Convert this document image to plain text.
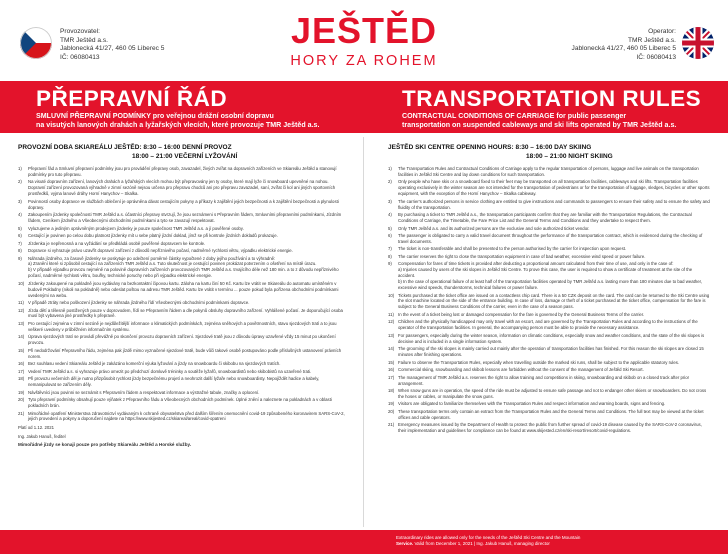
Provozovatel:
TMR Ještěd a.s.
Jablonecká 41/27, 460 05 Liberec 5
IČ: 06080413
JEŠTĚD
HORY ZA ROHEM
Operator:
TMR Ještěd a.s.
Jablonecká 41/27, 460 05 Liberec 5
IČ: 06080413
PŘEPRAVNÍ ŘÁD
SMLUVNÍ PŘEPRAVNÍ PODMÍNKY pro veřejnou drážní osobní dopravu
na visutých lanových drahách a lyžařských vlecích, které provozuje TMR Ještěd a.s.
TRANSPORTATION RULES
CONTRACTUAL CONDITIONS OF CARRIAGE for public passenger
transportation on suspended cableways and ski lifts operated by TMR Ještěd a.s.
PROVOZNÍ DOBA SKIAREÁLU JEŠTĚD: 8:30 – 16:00 DENNÍ PROVOZ
18:00 – 21:00 VEČERNÍ LYŽOVÁNÍ
1)	Přepravní řád a Smluvní přepravní podmínky jsou pro provádění přepravy osob, zavazadel, živých zvířat na dopravních zařízeních ve Skiareálu Ještěd a stanovují podmínky pro tuto přepravu.
2)	Na visuté dopravním zařízení, lanových drahách a lyžařských vlecích mohou být přepravovány jen ty osoby, které mají lyže či snowboard upevněné na nohou. Dopravní zařízení provozovaná výhradně v zimní sezóně nejsou určena pro přepravu chodců ani pro přepravu zavazadel, saní, zvířat či kol ani jiných sportovních prostředků, vyjma lanové dráhy Horní Hanychov – Skalka.
3)	Povinností osoby dopravce ve službách oblečení je oprávněna dávat cestujícím pokyny a příkazy k zajištění jejich bezpečnosti a k zajištění bezpečnosti a plynulosti dopravy.
4)	Zakoupením jízdenky společnosti TMR Ještěd a.s. účastníci přepravy stvrzují, že jsou seznámeni s Přepravním řádem, Smluvními přepravními podmínkami, Jízdním řádem, Ceníkem jízdného a Všeobecnými obchodními podmínkami a tyto se zavazují respektovat.
5)	Vyluzujeme a jediným oprávněným prodejcem jízdenky je pouze společnost TMR Ještěd a.s. a jí pověřené osoby.
6)	Cestující je povinen po celou dobu platnost jízdenky mít u sebe platný jízdní doklad, jímž se při kontrole jízdních dokladů prokazuje.
7)	Jízdenka je nepřenosná a na vyžádání se předkládá osobě pověřené dopravcem ke kontrole.
8)	Dopravce si vyhrazuje právo uzavřít dopravní zařízení z důvodů nepříznivého počasí, nadměrné rychlosti větru, výpadku elektrické energie.
9)	Náhrada jízdného, za časově jízdenky se poskytuje po odečtení poměrné částky vypočtené z doby jejího používání a to výhradně:
a) Zranění které si způsobil cestující na zařízeních TMR Ještěd a.s. Tuto skutečnost je cestující povinen prokázat potvrzením o ošetření na místě úrazu.
b) V případě výpadku provozu nejméně na polovině dopravních zařízeních provozovaných TMR Ještěd a.s. trvajícího déle než 180 min. a to z důvodu nepříznivého počasí, nadměrné rychlosti větru, bouřky, technické poruchy nebo při výpadku elektrické energie.
10) Jízdenky zakoupené na pokladně jsou vydávány na bezkontaktní čipovou kartu. Záloha na kartu činí 50 Kč. Kartu lze vrátit ve Skiareálu do automatu umístěném v budově Pokladny (nikoli na pokladně) nebo odeslat poštou na adresu TMR Ještěd. Kartu lze vrátit v termínu ... pouze pokud byla pořízena obchodními podmínkami uvedenými na webu.
11) V případě ztráty nebo poškození jízdenky se náhrada jízdného řídí Všeobecnými obchodními podmínkami dopravce.
12) Jízda dětí a tělesně postižených pouze v doprovodem, řídí se Přepravním řádem a dle pokynů obsluhy dopravního zařízení. Vyhlášené počasí. Je doporučující osoba musí být vybavena jiné prostředky k přepravě.
13) Pro cestující zejména v zimní sezóně je nejdůležitější informace o klimatických podmínkách, zejména sněhových a povětrnostních, stavu sjezdových tratí a to jsou veškeré uvedeny v průběžném informačním systému.
14) Úprava sjezdových tratí se provádí převážně po skončení provozu dopravních zařízení. Sjezdové tratě jsou z důvodu úpravy uzavřené vždy 15 minut po ukončení provozu.
15) Při nedodržování Přepravního řádu, zejména pak jízdě mimo vyznačené sjezdové tratě, bude vůči takové osobě postupováno podle příslušných ustanovení právních norem.
16) Bez souhlasu vedení Skiareálu Ještěd je zakázáno komerční výuka lyžování a jízdy na snowboardu či skibobu na sjezdových tratích.
17) Vedení TMR Ještěd a.s. si vyhrazuje právo omezit po předchozí domluvě tréninky a soutěže lyžařů, snowboardistů nebo skibobistů na uzavřené trati.
18) Při provozu večerních děl je nutno přizpůsobit rychlost jízdy bezpečnému projetí a neohrozit další lyžaře nebo snowboardisty. Nepojíždět hadice a kabely, nemanipulovat se zařízením děly.
19) Návštěvníci jsou povinni se seznámit s Přepravním řádem a respektovat informace a výstražné tabule, značky a oplocení.
20) Tyto přepravní podmínky obsahují pouze výňatek z Přepravního řádu a Všeobecných obchodních podmínek. Úplné znění a naleznete na pokladnách a v oblasti pokladních brán.
21) Mimořádné opatření Ministerstva zdravotnictví vydávaným k ochraně obyvatelstva před dalším šířením onemocnění covid-19 způsobeného koronavirem SARS-CoV-2, jejich provedení a pokyny a doporučení najdete na https://www.skijested.cz/skiareal/areal/covid-opatreni
Platí od 1.12. 2021
Ing. Jakub Hanuš, ředitel
Mimořádné jízdy se konají pouze pro potřeby Skiareálu Ještěd a Horské služby.
JEŠTĚD SKI CENTRE OPENING HOURS: 8:30 – 16:00 DAY SKIING
18:00 – 21:00 NIGHT SKIING
1)	The Transportation Rules and Contractual Conditions of Carriage apply to the regular transportation of persons, luggage and live animals on the transportation facilities in Ještěd Ski Centre and lay down conditions for such transportation.
2)	Only people who have skis or a snowboard fixed to their feet may be transported on all transportation facilities, cableways and ski lifts. Transportation facilities operating exclusively in the winter season are not intended for the transportation of pedestrians or for the transportation of luggage, sledges, bicycles or other sports equipment, with the exception of the Horní Hanychov – Skalka cableway.
3)	The carrier's authorized persons in service clothing are entitled to give instructions and commands to passengers to ensure their safety and to ensure the safety and fluidity of the transportation.
4)	By purchasing a ticket to TMR Ještěd a.s., the transportation participants confirm that they are familiar with the Transportation Regulations, the Contractual Conditions of Carriage, the Timetable, the Fare Price List and the General Terms and Conditions and they undertake to respect them.
5)	Only TMR Ještěd a.s. and its authorized persons are the exclusive and sole authorized ticket vendor.
6)	The passenger is obligated to carry a valid travel document throughout the performance of the transportation contract, which is evidenced during the checking of travel documents.
7)	The ticket is non-transferable and shall be presented to the person authorised by the carrier for inspection upon request.
8)	The carrier reserves the right to close the transportation equipment in case of bad weather, excessive wind speed or power failure.
9)	Compensation for fares of time tickets is provided after deducting a proportional amount calculated from their time of use, and only in the case of:
a) Injuries caused by users of the ski slopes in Ještěd Ski Centre. To prove this case, the user is required to show a certificate of treatment at the site of the accident.
b) In the case of operational failure of at least half of the transportation facilities operated by TMR Ještěd a.s. lasting more than 180 minutes due to bad weather, excessive wind speeds, thunderstorms, technical failures or power failure.
10) Tickets purchased at the ticket office are issued on a contactless chip card. There is a 50 CZK deposit on the card. The card can be returned to the Ski Centre using the slot machine located on the side of the entrance building. In case of loss, damage or theft of a ticket purchased at the ticket office, compensation for the fare is subject to the General Business Conditions of the carrier, even in the case of a season pass.
11) In the event of a ticket being lost or damaged compensation for the fare is governed by the General Business Terms of the carrier.
12) Children and the physically handicapped may only travel with an escort, and are governed by the Transportation Rules and according to the instructions of the operator of the transportation facilities. In general, the accompanying person must be able to provide the necessary assistance.
13) For passengers, especially during the winter season, information on climatic conditions, especially snow and weather conditions, and the state of the ski slopes is decisive and is included in a single information system.
14) The grooming of the ski slopes is mainly carried out mainly after the operation of transportation facilities has finished. For this reason the ski slopes are closed 15 minutes after finishing operations.
15) Failure to observe the Transportation Rules, especially when travelling outside the marked ski runs, shall be subject to the applicable statutory rules.
16) Commercial skiing, snowboarding and skibob lessons are forbidden without the consent of the management of Ještěd Ski Resort.
17) The management of TMR Ještěd a.s. reserves the right to allow training and competitions in skiing, snowboarding and skibob on a closed track after prior arrangement.
18) When snow guns are in operation, the speed of the ride must be adjusted to ensure safe passage and not to endanger other skiers or snowboarders. Do not cross the hoses or cables, or manipulate the snow guns.
19) Visitors are obligated to familiarize themselves with the Transportation Rules and respect information and warning boards, signs and fencing.
20) These transportation terms only contain an extract from the Transportation Rules and the General Terms and Conditions. The full text may be viewed at the ticket offices and cable operators.
21) Emergency measures issued by the Department of Health to protect the public from further spread of covid-19 disease caused by the SARS-CoV-2 coronavirus, their implementation and guidelines for compliance can be found at www.skijested.cz/en/ski-resort/resort/covid-regulations.
Extraordinary rides are allowed only for the needs of the Ještěd Ski Centre and the Mountain
Service. Valid from December 1, 2021 | Ing. Jakub Hanuš, managing director
